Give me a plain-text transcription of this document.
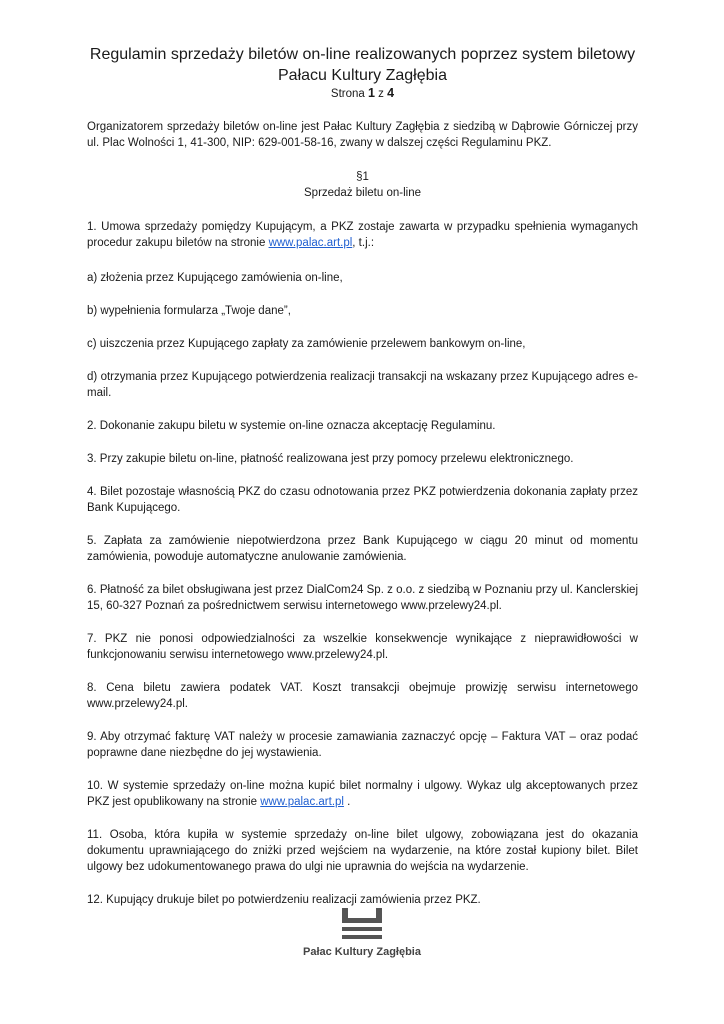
Regulamin sprzedaży biletów on-line realizowanych poprzez system biletowy

Pałacu Kultury Zagłębia

Strona 1 z 4

Organizatorem sprzedaży biletów on-line jest Pałac Kultury Zagłębia z siedzibą w Dąbrowie Górniczej przy ul. Plac Wolności 1, 41-300, NIP: 629-001-58-16, zwany w dalszej części Regulaminu PKZ.

§1

Sprzedaż biletu on-line

1. Umowa sprzedaży pomiędzy Kupującym, a PKZ zostaje zawarta w przypadku spełnienia wymaganych procedur zakupu biletów na stronie www.palac.art.pl, t.j.:

a) złożenia przez Kupującego zamówienia on-line,

b) wypełnienia formularza „Twoje dane”,

c) uiszczenia przez Kupującego zapłaty za zamówienie przelewem bankowym on-line,

d) otrzymania przez Kupującego potwierdzenia realizacji transakcji na wskazany przez Kupującego adres e-mail.

2. Dokonanie zakupu biletu w systemie on-line oznacza akceptację Regulaminu.

3. Przy zakupie biletu on-line, płatność realizowana jest przy pomocy przelewu elektronicznego.

4. Bilet pozostaje własnością PKZ do czasu odnotowania przez PKZ potwierdzenia dokonania zapłaty przez Bank Kupującego.

5. Zapłata za zamówienie niepotwierdzona przez Bank Kupującego w ciągu 20 minut od momentu zamówienia, powoduje automatyczne anulowanie zamówienia.

6. Płatność za bilet obsługiwana jest przez DialCom24 Sp. z o.o. z siedzibą w Poznaniu przy ul. Kanclerskiej 15, 60-327 Poznań za pośrednictwem serwisu internetowego www.przelewy24.pl.

7. PKZ nie ponosi odpowiedzialności za wszelkie konsekwencje wynikające z nieprawidłowości w funkcjonowaniu serwisu internetowego www.przelewy24.pl.

8. Cena biletu zawiera podatek VAT. Koszt transakcji obejmuje prowizję serwisu internetowego www.przelewy24.pl.

9. Aby otrzymać fakturę VAT należy w procesie zamawiania zaznaczyć opcję – Faktura VAT – oraz podać poprawne dane niezbędne do jej wystawienia.

10. W systemie sprzedaży on-line można kupić bilet normalny i ulgowy. Wykaz ulg akceptowanych przez PKZ jest opublikowany na stronie www.palac.art.pl .

11. Osoba, która kupiła w systemie sprzedaży on-line bilet ulgowy, zobowiązana jest do okazania dokumentu uprawniającego do zniżki przed wejściem na wydarzenie, na które został kupiony bilet. Bilet ulgowy bez udokumentowanego prawa do ulgi nie uprawnia do wejścia na wydarzenie.

12. Kupujący drukuje bilet po potwierdzeniu realizacji zamówienia przez PKZ.

Pałac Kultury Zagłębia
